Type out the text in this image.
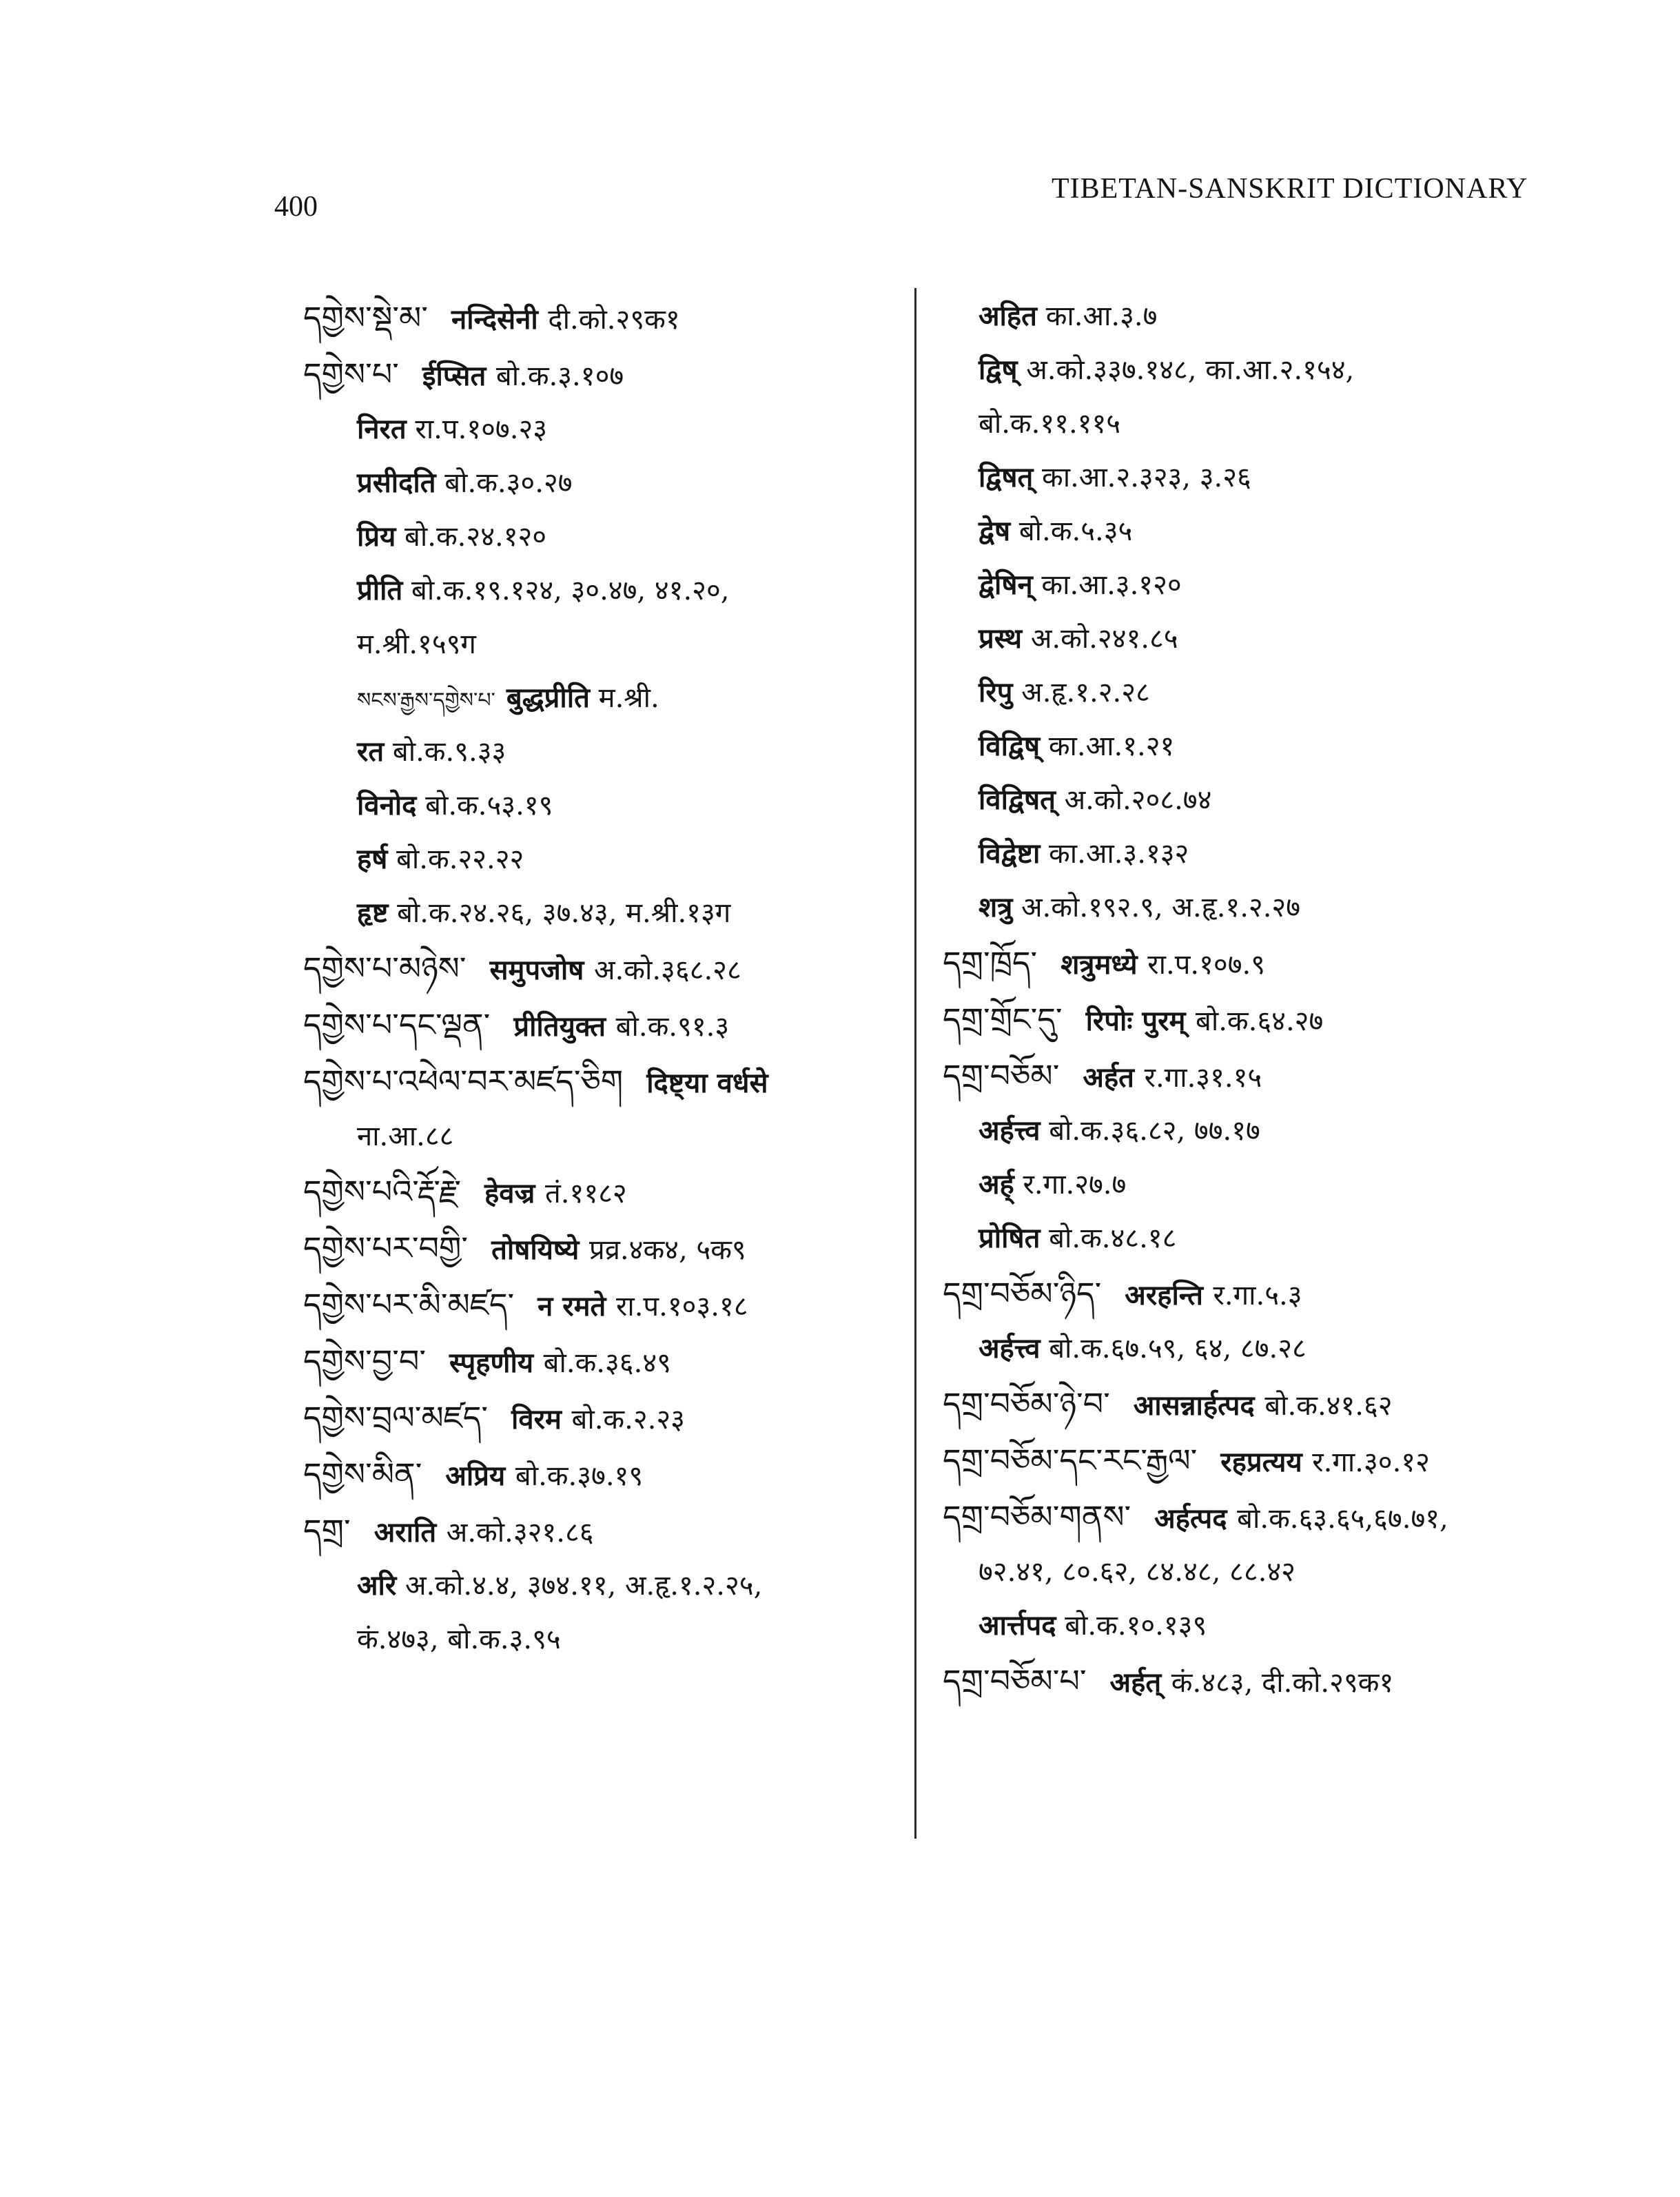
400
TIBETAN-SANSKRIT DICTIONARY
དགྱེས་སྡེ་མ་ नन्दिसेनी दी.को.२९क१
དགྱེས་པ་ ईप्सित बो.क.३.१०७
निरत रा.प.१०७.२३
प्रसीदति बो.क.३०.२७
प्रिय बो.क.२४.१२०
प्रीति बो.क.१९.१२४, ३०.४७, ४१.२०,
म.श्री.१५९ग
སངས་རྒྱས་དགྱེས་པ་ बुद्धप्रीति म.श्री.
रत बो.क.९.३३
विनोद बो.क.५३.१९
हर्ष बो.क.२२.२२
हृष्ट बो.क.२४.२६, ३७.४३, म.श्री.१३ग
དགྱེས་པ་མཉེས་ समुपजोष अ.को.३६८.२८
དགྱེས་པ་དང་ལྡན་ प्रीतियुक्त बो.क.९१.३
དགྱེས་པ་འཕེལ་བར་མཛད་ཅིག दिष्ट्या वर्धसे
ना.आ.८८
དགྱེས་པའི་རྡོ་རྗེ་ हेवज्र तं.११८२
དགྱེས་པར་བགྱི་ तोषयिष्ये प्रव्र.४क४, ५क९
དགྱེས་པར་མི་མཛད་ न रमते रा.प.१०३.१८
དགྱེས་བྱ་བ་ स्पृहणीय बो.क.३६.४९
དགྱེས་བྲལ་མཛད་ विरम बो.क.२.२३
དགྱེས་མིན་ अप्रिय बो.क.३७.१९
དགྲ་ अराति अ.को.३२१.८६
अरि अ.को.४.४, ३७४.११, अ.हृ.१.२.२५,
कं.४७३, बो.क.३.९५
अहित का.आ.३.७
द्विष् अ.को.३३७.१४८, का.आ.२.१५४,
बो.क.११.११५
द्विषत् का.आ.२.३२३, ३.२६
द्वेष बो.क.५.३५
द्वेषिन् का.आ.३.१२०
प्रस्थ अ.को.२४१.८५
रिपु अ.हृ.१.२.२८
विद्विष् का.आ.१.२१
विद्विषत् अ.को.२०८.७४
विद्वेष्टा का.आ.३.१३२
शत्रु अ.को.१९२.९, अ.हृ.१.२.२७
དགྲ་ཁྲོད་ शत्रुमध्ये रा.प.१०७.९
དགྲ་གྲོང་དུ་ रिपोः पुरम् बो.क.६४.२७
དགྲ་བཅོམ་ अर्हत र.गा.३१.१५
अर्हत्त्व बो.क.३६.८२, ७७.१७
अर्ह् र.गा.२७.७
प्रोषित बो.क.४८.१८
དགྲ་བཅོམ་ཉིད་ अरहन्ति र.गा.५.३
अर्हत्त्व बो.क.६७.५९, ६४, ८७.२८
དགྲ་བཅོམ་ཉེ་བ་ आसन्नार्हत्पद बो.क.४१.६२
དགྲ་བཅོམ་དང་རང་རྒྱལ་ रहप्रत्यय र.गा.३०.१२
དགྲ་བཅོམ་གནས་ अर्हत्पद बो.क.६३.६५,६७.७१,
७२.४१, ८०.६२, ८४.४८, ८८.४२
आर्त्तपद बो.क.१०.१३९
དགྲ་བཅོམ་པ་ अर्हत् कं.४८३, दी.को.२९क१
